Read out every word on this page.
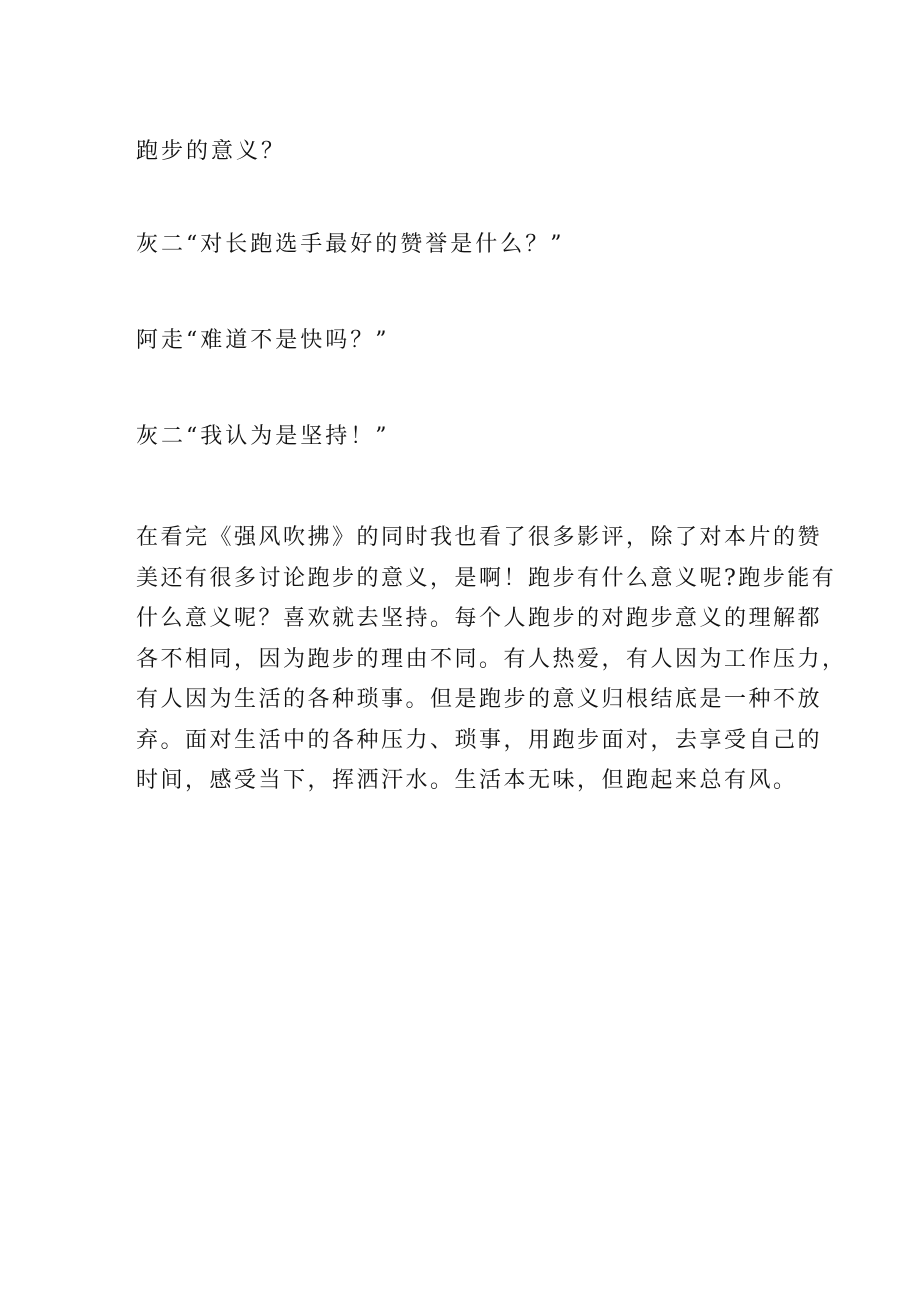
跑步的意义？

灰二“对长跑选手最好的赞誉是什么？”

阿走“难道不是快吗？”

灰二“我认为是坚持！”

在看完《强风吹拂》的同时我也看了很多影评，除了对本片的赞
美还有很多讨论跑步的意义，是啊！跑步有什么意义呢?跑步能有
什么意义呢？喜欢就去坚持。每个人跑步的对跑步意义的理解都
各不相同，因为跑步的理由不同。有人热爱，有人因为工作压力，
有人因为生活的各种琐事。但是跑步的意义归根结底是一种不放
弃。面对生活中的各种压力、琐事，用跑步面对，去享受自己的
时间，感受当下，挥洒汗水。生活本无味，但跑起来总有风。
